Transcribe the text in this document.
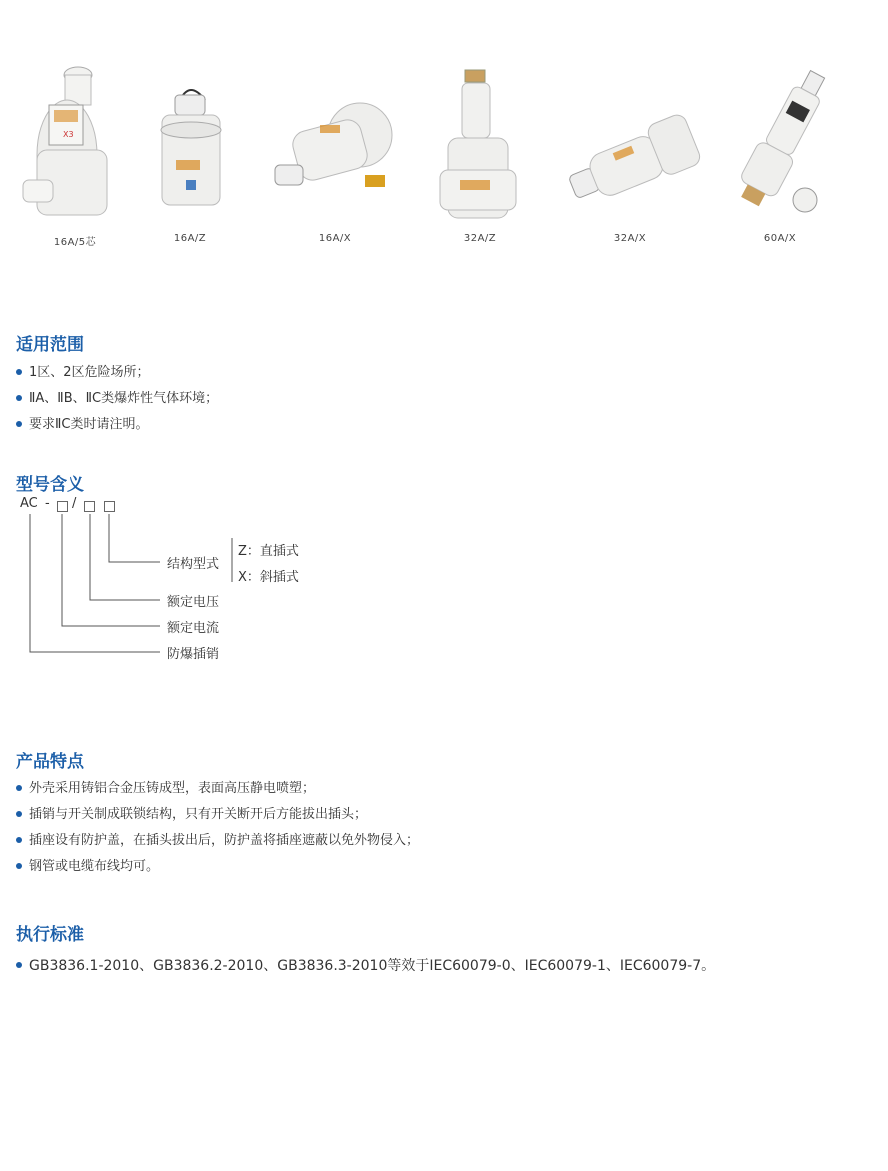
X3
16A/5芯	16A/Z	16A/X	32A/Z	32A/X	60A/X
适用范围
1区、2区危险场所；
ⅡA、ⅡB、ⅡC类爆炸性气体环境；
要求ⅡC类时请注明。
型号含义
AC - /
结构型式
Z：直插式
X：斜插式
额定电压
额定电流
防爆插销
产品特点
外壳采用铸铝合金压铸成型，表面高压静电喷塑；
插销与开关制成联锁结构，只有开关断开后方能拔出插头；
插座设有防护盖，在插头拔出后，防护盖将插座遮蔽以免外物侵入；
钢管或电缆布线均可。
执行标准
GB3836.1-2010、GB3836.2-2010、GB3836.3-2010等效于IEC60079-0、IEC60079-1、IEC60079-7。
